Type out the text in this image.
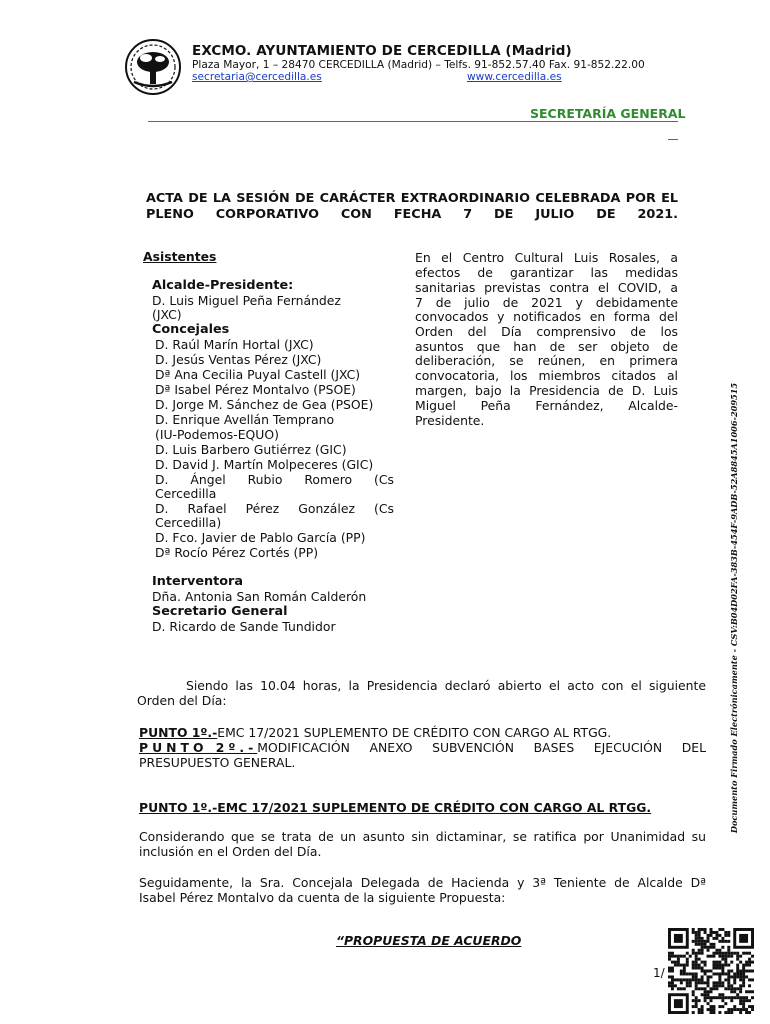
EXCMO. AYUNTAMIENTO DE CERCEDILLA (Madrid)
Plaza Mayor, 1 – 28470 CERCEDILLA (Madrid) – Telfs. 91-852.57.40 Fax. 91-852.22.00
secretaria@cercedilla.es	www.cercedilla.es
SECRETARÍA GENERAL
ACTA DE LA SESIÓN DE CARÁCTER EXTRAORDINARIO CELEBRADA POR EL PLENO CORPORATIVO CON FECHA 7 DE JULIO DE 2021.
Asistentes
Alcalde-Presidente:
D. Luis Miguel Peña Fernández
(JXC)
Concejales
D. Raúl Marín Hortal (JXC)
D. Jesús Ventas Pérez (JXC)
Dª Ana Cecilia Puyal Castell (JXC)
Dª Isabel Pérez Montalvo (PSOE)
D. Jorge M. Sánchez de Gea (PSOE)
D. Enrique Avellán Temprano
(IU-Podemos-EQUO)
D. Luis Barbero Gutiérrez (GIC)
D. David J. Martín Molpeceres (GIC)
D. Ángel Rubio Romero (Cs
Cercedilla
D. Rafael Pérez González (Cs
Cercedilla)
D. Fco. Javier de Pablo García (PP)
Dª Rocío Pérez Cortés (PP)
Interventora
Dña. Antonia San Román Calderón
Secretario General
D. Ricardo de Sande Tundidor
En el Centro Cultural Luis Rosales, a
efectos de garantizar las medidas
sanitarias previstas contra el COVID, a
7 de julio de 2021 y debidamente
convocados y notificados en forma del
Orden del Día comprensivo de los
asuntos que han de ser objeto de
deliberación, se reúnen, en primera
convocatoria, los miembros citados al
margen, bajo la Presidencia de D. Luis
Miguel Peña Fernández, Alcalde-
Presidente.
Siendo las 10.04 horas, la Presidencia declaró abierto el acto con el siguiente
Orden del Día:
PUNTO 1º.-EMC 17/2021 SUPLEMENTO DE CRÉDITO CON CARGO AL RTGG.
PUNTO 2º.- MODIFICACIÓN ANEXO SUBVENCIÓN BASES EJECUCIÓN DEL
PRESUPUESTO GENERAL.
PUNTO 1º.-EMC 17/2021 SUPLEMENTO DE CRÉDITO CON CARGO AL RTGG.
Considerando que se trata de un asunto sin dictaminar, se ratifica por Unanimidad su
inclusión en el Orden del Día.
Seguidamente, la Sra. Concejala Delegada de Hacienda y 3ª Teniente de Alcalde Dª
Isabel Pérez Montalvo da cuenta de la siguiente Propuesta:
“PROPUESTA DE ACUERDO
1/
Documento Firmado Electrónicamente - CSV:B04D02FA-383B-454F-9ADB-52A8845A1006-209515
